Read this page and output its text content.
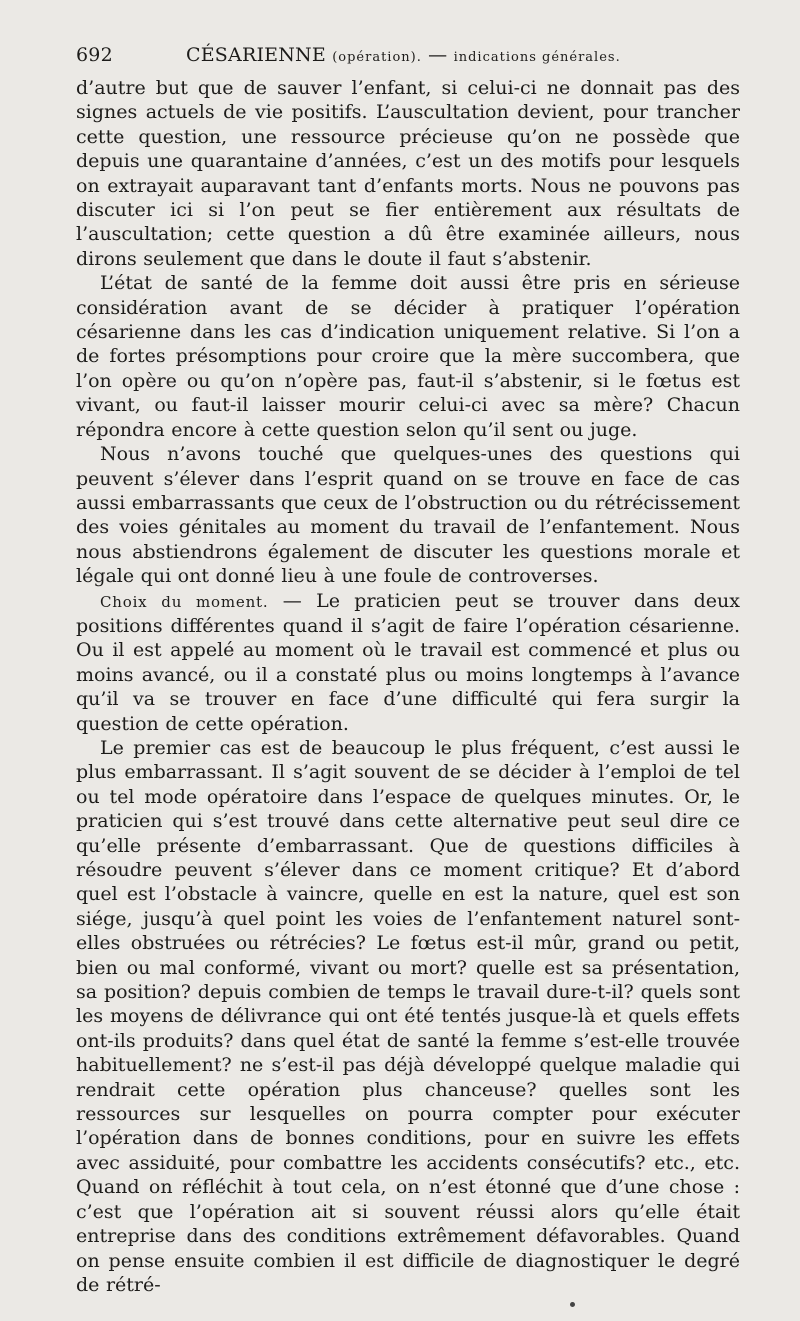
692	CÉSARIENNE (opération). — indications générales.

d’autre but que de sauver l’enfant, si celui-ci ne donnait pas des signes actuels de vie positifs. L’auscultation devient, pour trancher cette question, une ressource précieuse qu’on ne possède que depuis une quarantaine d’années, c’est un des motifs pour lesquels on extrayait auparavant tant d’enfants morts. Nous ne pouvons pas discuter ici si l’on peut se fier entièrement aux résultats de l’auscultation; cette question a dû être examinée ailleurs, nous dirons seulement que dans le doute il faut s’abstenir.

L’état de santé de la femme doit aussi être pris en sérieuse considération avant de se décider à pratiquer l’opération césarienne dans les cas d’indication uniquement relative. Si l’on a de fortes présomptions pour croire que la mère succombera, que l’on opère ou qu’on n’opère pas, faut-il s’abstenir, si le fœtus est vivant, ou faut-il laisser mourir celui-ci avec sa mère? Chacun répondra encore à cette question selon qu’il sent ou juge.

Nous n’avons touché que quelques-unes des questions qui peuvent s’élever dans l’esprit quand on se trouve en face de cas aussi embarrassants que ceux de l’obstruction ou du rétrécissement des voies génitales au moment du travail de l’enfantement. Nous nous abstiendrons également de discuter les questions morale et légale qui ont donné lieu à une foule de controverses.

Choix du moment. — Le praticien peut se trouver dans deux positions différentes quand il s’agit de faire l’opération césarienne. Ou il est appelé au moment où le travail est commencé et plus ou moins avancé, ou il a constaté plus ou moins longtemps à l’avance qu’il va se trouver en face d’une difficulté qui fera surgir la question de cette opération.

Le premier cas est de beaucoup le plus fréquent, c’est aussi le plus embarrassant. Il s’agit souvent de se décider à l’emploi de tel ou tel mode opératoire dans l’espace de quelques minutes. Or, le praticien qui s’est trouvé dans cette alternative peut seul dire ce qu’elle présente d’embarrassant. Que de questions difficiles à résoudre peuvent s’élever dans ce moment critique? Et d’abord quel est l’obstacle à vaincre, quelle en est la nature, quel est son siége, jusqu’à quel point les voies de l’enfantement naturel sont-elles obstruées ou rétrécies? Le fœtus est-il mûr, grand ou petit, bien ou mal conformé, vivant ou mort? quelle est sa présentation, sa position? depuis combien de temps le travail dure-t-il? quels sont les moyens de délivrance qui ont été tentés jusque-là et quels effets ont-ils produits? dans quel état de santé la femme s’est-elle trouvée habituellement? ne s’est-il pas déjà développé quelque maladie qui rendrait cette opération plus chanceuse? quelles sont les ressources sur lesquelles on pourra compter pour exécuter l’opération dans de bonnes conditions, pour en suivre les effets avec assiduité, pour combattre les accidents consécutifs? etc., etc. Quand on réfléchit à tout cela, on n’est étonné que d’une chose : c’est que l’opération ait si souvent réussi alors qu’elle était entreprise dans des conditions extrêmement défavorables. Quand on pense ensuite combien il est difficile de diagnostiquer le degré de rétré-
